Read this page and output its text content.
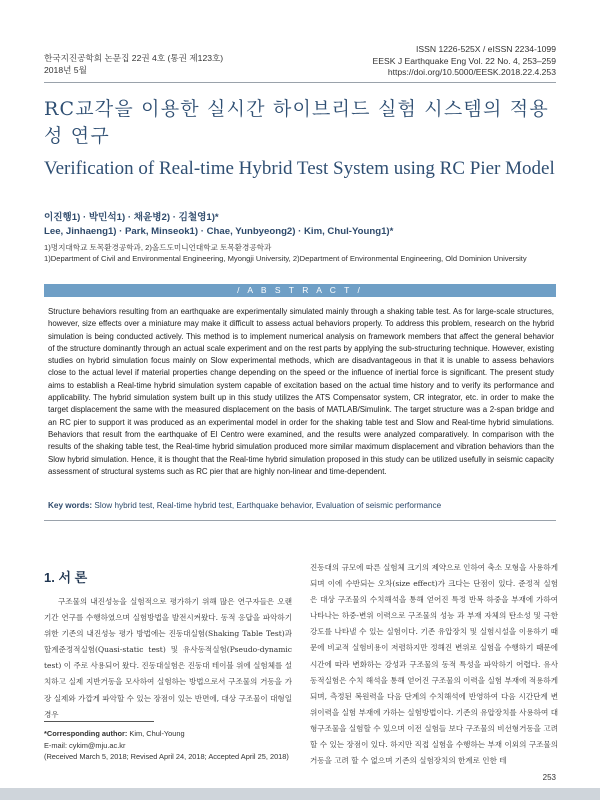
한국지진공학회 논문집 22권 4호 (통권 제123호)
2018년 5월
ISSN 1226-525X / eISSN 2234-1099
EESK J Earthquake Eng Vol. 22 No. 4, 253–259
https://doi.org/10.5000/EESK.2018.22.4.253
RC교각을 이용한 실시간 하이브리드 실험 시스템의 적용성 연구
Verification of Real-time Hybrid Test System using RC Pier Model
이진행1) · 박민석1) · 채윤병2) · 김철영1)*
Lee, Jinhaeng1) · Park, Minseok1) · Chae, Yunbyeong2) · Kim, Chul-Young1)*
1)명지대학교 토목환경공학과, 2)올드도미니언대학교 토목환경공학과
1)Department of Civil and Environmental Engineering, Myongji University, 2)Department of Environmental Engineering, Old Dominion University
/ A B S T R A C T /
Structure behaviors resulting from an earthquake are experimentally simulated mainly through a shaking table test. As for large-scale structures, however, size effects over a miniature may make it difficult to assess actual behaviors properly. To address this problem, research on the hybrid simulation is being conducted actively. This method is to implement numerical analysis on framework members that affect the general behavior of the structure dominantly through an actual scale experiment and on the rest parts by applying the sub-structuring technique. However, existing studies on hybrid simulation focus mainly on Slow experimental methods, which are disadvantageous in that it is unable to assess behaviors close to the actual level if material properties change depending on the speed or the influence of inertial force is significant. The present study aims to establish a Real-time hybrid simulation system capable of excitation based on the actual time history and to verify its performance and applicability. The hybrid simulation system built up in this study utilizes the ATS Compensator system, CR integrator, etc. in order to make the target displacement the same with the measured displacement on the basis of MATLAB/Simulink. The target structure was a 2-span bridge and an RC pier to support it was produced as an experimental model in order for the shaking table test and Slow and Real-time hybrid simulations. Behaviors that result from the earthquake of El Centro were examined, and the results were analyzed comparatively. In comparison with the results of the shaking table test, the Real-time hybrid simulation produced more similar maximum displacement and vibration behaviors than the Slow hybrid simulation. Hence, it is thought that the Real-time hybrid simulation proposed in this study can be utilized usefully in seismic capacity assessment of structural systems such as RC pier that are highly non-linear and time-dependent.
Key words: Slow hybrid test, Real-time hybrid test, Earthquake behavior, Evaluation of seismic performance
1. 서 론
구조물의 내진성능을 실험적으로 평가하기 위해 많은 연구자들은 오랜 기간 연구를 수행하였으며 실험방법을 발전시켜왔다. 동적 응답을 파악하기 위한 기존의 내진성능 평가 방법에는 진동대실험(Shaking Table Test)과 할계준정적실험(Quasi-static test) 및 유사동적실험(Pseudo-dynamic test) 이 주로 사용되어 왔다. 진동대실험은 진동대 테이블 위에 실험체를 설치하고 실제 지반거동을 모사하여 실험하는 방법으로서 구조물의 거동을 가장 실제와 가깝게 파악할 수 있는 장점이 있는 반면에, 대상 구조물이 대형일 경우
진동대의 규모에 따른 실험체 크기의 제약으로 인하여 축소 모형을 사용하게 되며 이에 수반되는 오차(size effect)가 크다는 단점이 있다. 준정적 실험은 대상 구조물의 수치해석을 통해 얻어진 특정 반복 하중을 부재에 가하여 나타나는 하중-변위 이력으로 구조물의 성능 과 부재 자체의 탄소성 및 극한 강도를 나타낼 수 있는 실험이다. 기존 유압장치 및 실험시설을 이용하기 때문에 비교적 실험비용이 저렴하지만 정해진 변위로 실험을 수행하기 때문에 시간에 따라 변화하는 강성과 구조물의 동적 특성을 파악하기 어렵다. 유사동적실험은 수치 해석을 통해 얻어진 구조물의 이력을 실험 부재에 적용하게 되며, 측정된 복원력을 다음 단계의 수치해석에 반영하여 다음 시간단계 변위이력을 실험 부재에 가하는 실험방법이다. 기존의 유압장치를 사용하여 대형구조물을 실험할 수 있으며 이전 실험들 보다 구조물의 비선형거동을 고려할 수 있는 장점이 있다. 하지만 직접 실험을 수행하는 부재 이외의 구조물의 거동을 고려 할 수 없으며 기존의 실험장치의 한계로 인한 테
*Corresponding author: Kim, Chul-Young
E-mail: cykim@mju.ac.kr
(Received March 5, 2018; Revised April 24, 2018; Accepted April 25, 2018)
253
